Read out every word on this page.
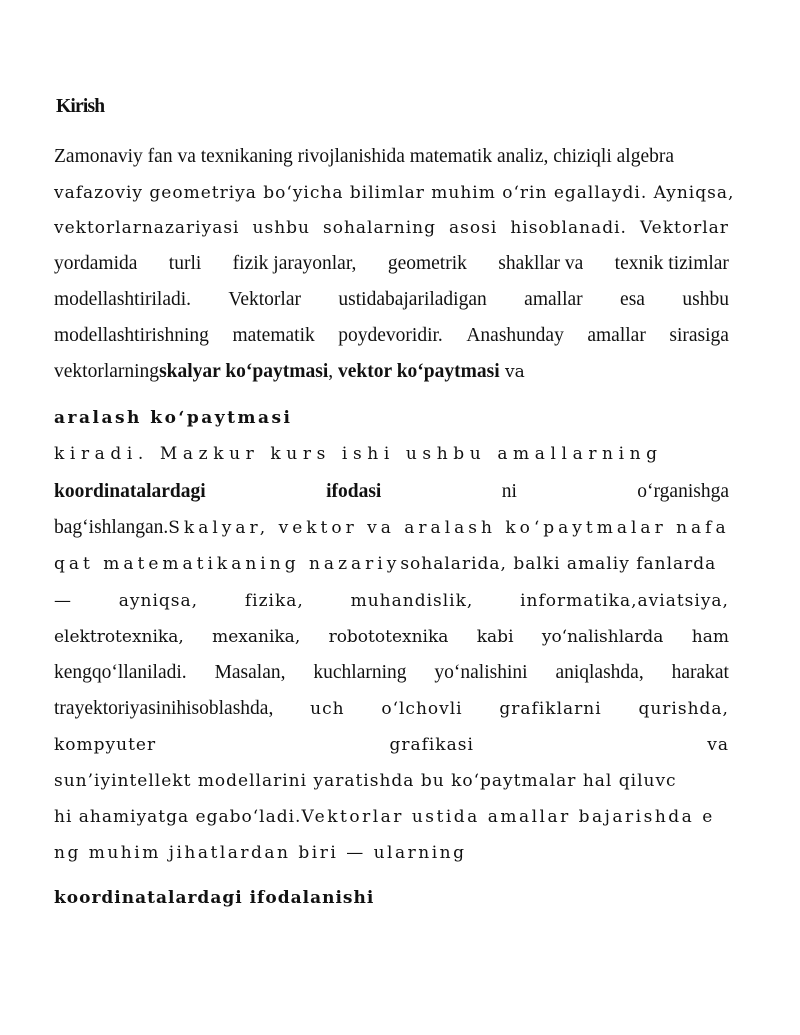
Kirish
Zamonaviy fan va texnikaning rivojlanishida matematik analiz, chiziqli algebra
vafazoviy geometriya bo‘yicha bilimlar muhim o‘rin egallaydi. Ayniqsa,
vektorlarnazariyasi ushbu sohalarning asosi hisoblanadi. Vektorlar
yordamida turli fizik jarayonlar, geometrik shakllar va texnik tizimlar
modellashtiriladi. Vektorlar ustidabajariladigan amallar esa ushbu
modellashtirishning matematik poydevoridir. Anashunday amallar sirasiga
vektorlarningskalyar ko‘paytmasi, vektor ko‘paytmasi va
aralash ko‘paytmasi
kiradi. Mazkur kurs ishi ushbu amallarning
koordinatalardagi	ifodasi	ni	o‘rganishga
bag‘ishlangan.Skalyar, vektor va aralash ko‘paytmalar nafa
qat matematikaning nazariysohalarida, balki amaliy fanlarda
—	ayniqsa,	fizika,	muhandislik,	informatika,aviatsiya,
elektrotexnika, mexanika, robototexnika kabi yo‘nalishlarda ham
kengqo‘llaniladi. Masalan, kuchlarning yo‘nalishini aniqlashda, harakat
trayektoriyasinihisoblashda, uch o‘lchovli grafiklarni qurishda,
kompyuter	grafikasi	va
sun’iyintellekt modellarini yaratishda bu ko‘paytmalar hal qiluvc
hi ahamiyatga egabo‘ladi.Vektorlar ustida amallar bajarishda e
ng muhim jihatlardan biri — ularning
koordinatalardagi ifodalanishi
